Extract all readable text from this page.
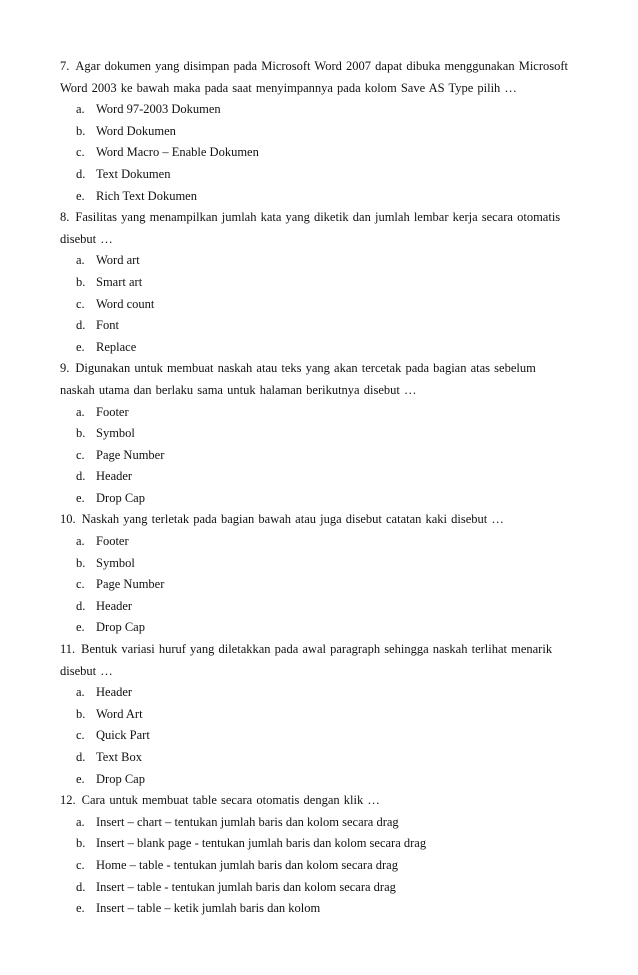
7. Agar dokumen yang disimpan pada Microsoft Word 2007 dapat dibuka menggunakan Microsoft Word 2003 ke bawah maka pada saat menyimpannya pada kolom Save AS Type pilih …

a. Word 97-2003 Dokumen
b. Word Dokumen
c. Word Macro – Enable Dokumen
d. Text Dokumen
e. Rich Text Dokumen

8. Fasilitas yang menampilkan jumlah kata yang diketik dan jumlah lembar kerja secara otomatis disebut …

a. Word art
b. Smart art
c. Word count
d. Font
e. Replace

9. Digunakan untuk membuat naskah atau teks yang akan tercetak pada bagian atas sebelum naskah utama dan berlaku sama untuk halaman berikutnya disebut …

a. Footer
b. Symbol
c. Page Number
d. Header
e. Drop Cap

10. Naskah yang terletak pada bagian bawah atau juga disebut catatan kaki disebut …

a. Footer
b. Symbol
c. Page Number
d. Header
e. Drop Cap

11. Bentuk variasi huruf yang diletakkan pada awal paragraph sehingga naskah terlihat menarik disebut …

a. Header
b. Word Art
c. Quick Part
d. Text Box
e. Drop Cap

12. Cara untuk membuat table secara otomatis dengan klik …

a. Insert – chart – tentukan jumlah baris dan kolom secara drag
b. Insert – blank page - tentukan jumlah baris dan kolom secara drag
c. Home – table - tentukan jumlah baris dan kolom secara drag
d. Insert – table - tentukan jumlah baris dan kolom secara drag
e. Insert – table – ketik jumlah baris dan kolom
